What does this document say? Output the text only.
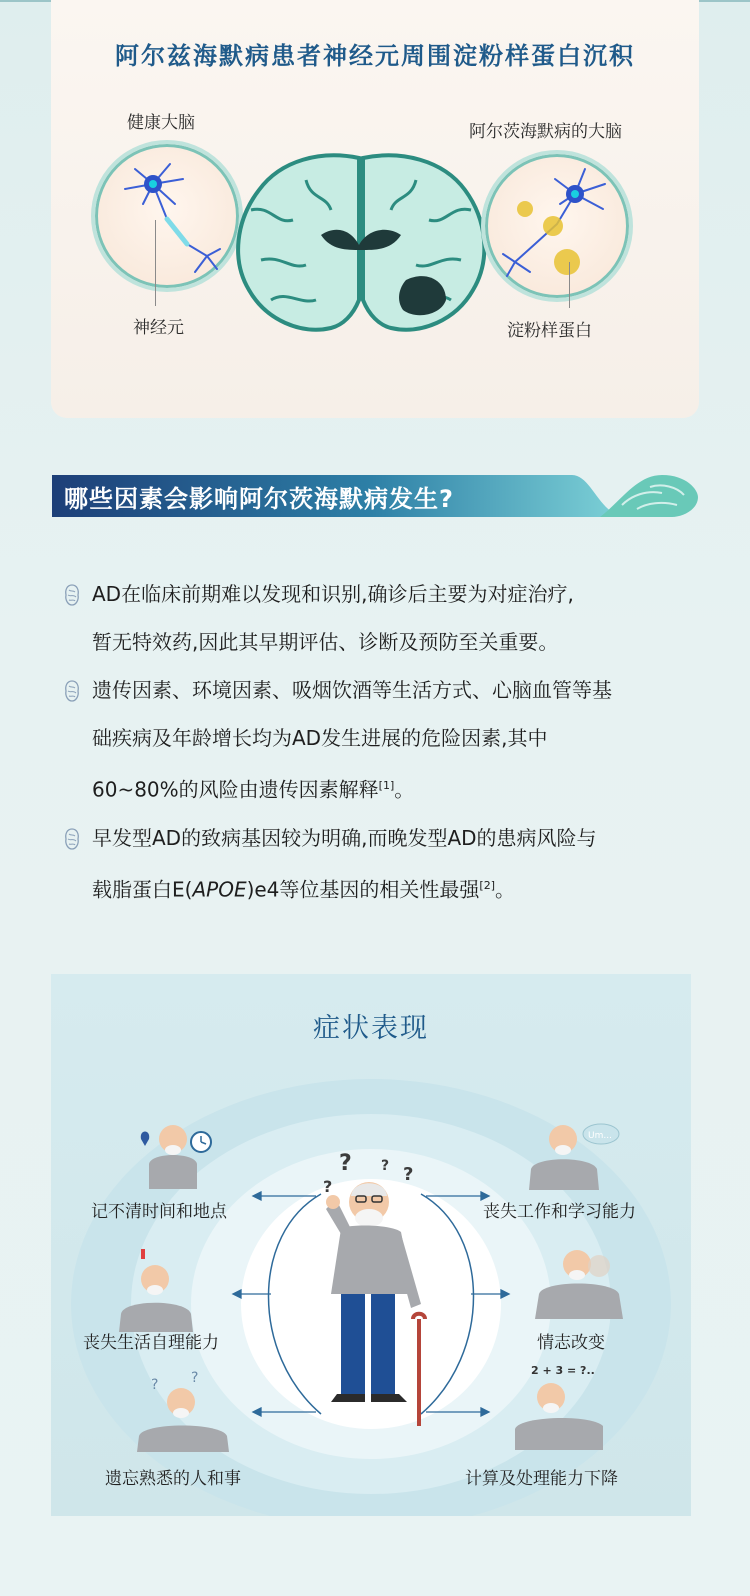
阿尔兹海默病患者神经元周围淀粉样蛋白沉积
健康大脑	阿尔茨海默病的大脑
神经元	淀粉样蛋白
哪些因素会影响阿尔茨海默病发生?
AD在临床前期难以发现和识别,确诊后主要为对症治疗,
暂无特效药,因此其早期评估、诊断及预防至关重要。
遗传因素、环境因素、吸烟饮酒等生活方式、心脑血管等基
础疾病及年龄增长均为AD发生进展的危险因素,其中
60~80%的风险由遗传因素解释[1]。
早发型AD的致病基因较为明确,而晚发型AD的患病风险与
载脂蛋白E(APOE)e4等位基因的相关性最强[2]。
症状表现
? ? ?
?
? ?
Um...
2 + 3 = ?..
记不清时间和地点
丧失生活自理能力
遗忘熟悉的人和事
丧失工作和学习能力
情志改变
计算及处理能力下降
